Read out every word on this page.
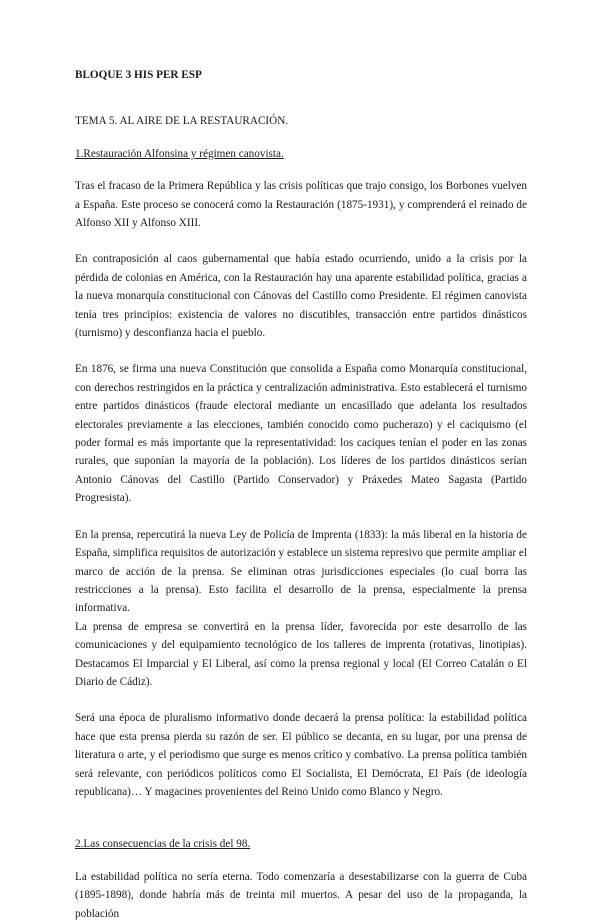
BLOQUE 3 HIS PER ESP
TEMA 5. AL AIRE DE LA RESTAURACIÓN.
1.Restauración Alfonsina y régimen canovista.

Tras el fracaso de la Primera República y las crisis políticas que trajo consigo, los Borbones vuelven a España. Este proceso se conocerá como la Restauración (1875-1931), y comprenderá el reinado de Alfonso XII y Alfonso XIII.

En contraposición al caos gubernamental que había estado ocurriendo, unido a la crisis por la pérdida de colonias en América, con la Restauración hay una aparente estabilidad política, gracias a la nueva monarquía constitucional con Cánovas del Castillo como Presidente. El régimen canovista tenía tres principios: existencia de valores no discutibles, transacción entre partidos dinásticos (turnismo) y desconfianza hacia el pueblo.

En 1876, se firma una nueva Constitución que consolida a España como Monarquía constitucional, con derechos restringidos en la práctica y centralización administrativa. Esto establecerá el turnismo entre partidos dinásticos (fraude electoral mediante un encasillado que adelanta los resultados electorales previamente a las elecciones, también conocido como pucherazo) y el caciquismo (el poder formal es más importante que la representatividad: los caciques tenían el poder en las zonas rurales, que suponían la mayoría de la población). Los líderes de los partidos dinásticos serían Antonio Cánovas del Castillo (Partido Conservador) y Práxedes Mateo Sagasta (Partido Progresista).

En la prensa, repercutirá la nueva Ley de Policía de Imprenta (1833): la más liberal en la historia de España, simplifica requisitos de autorización y establece un sistema represivo que permite ampliar el marco de acción de la prensa. Se eliminan otras jurisdicciones especiales (lo cual borra las restricciones a la prensa). Esto facilita el desarrollo de la prensa, especialmente la prensa informativa.

La prensa de empresa se convertirá en la prensa líder, favorecida por este desarrollo de las comunicaciones y del equipamiento tecnológico de los talleres de imprenta (rotativas, linotipias). Destacamos El Imparcial y El Liberal, así como la prensa regional y local (El Correo Catalán o El Diario de Cádiz).

Será una época de pluralismo informativo donde decaerá la prensa política: la estabilidad política hace que esta prensa pierda su razón de ser. El público se decanta, en su lugar, por una prensa de literatura o arte, y el periodismo que surge es menos crítico y combativo. La prensa política también será relevante, con periódicos políticos como El Socialista, El Demócrata, El País (de ideología republicana)… Y magacines provenientes del Reino Unido como Blanco y Negro.

2.Las consecuencias de la crisis del 98.

La estabilidad política no sería eterna. Todo comenzaría a desestabilizarse con la guerra de Cuba (1895-1898), donde habría más de treinta mil muertos. A pesar del uso de la propaganda, la población
